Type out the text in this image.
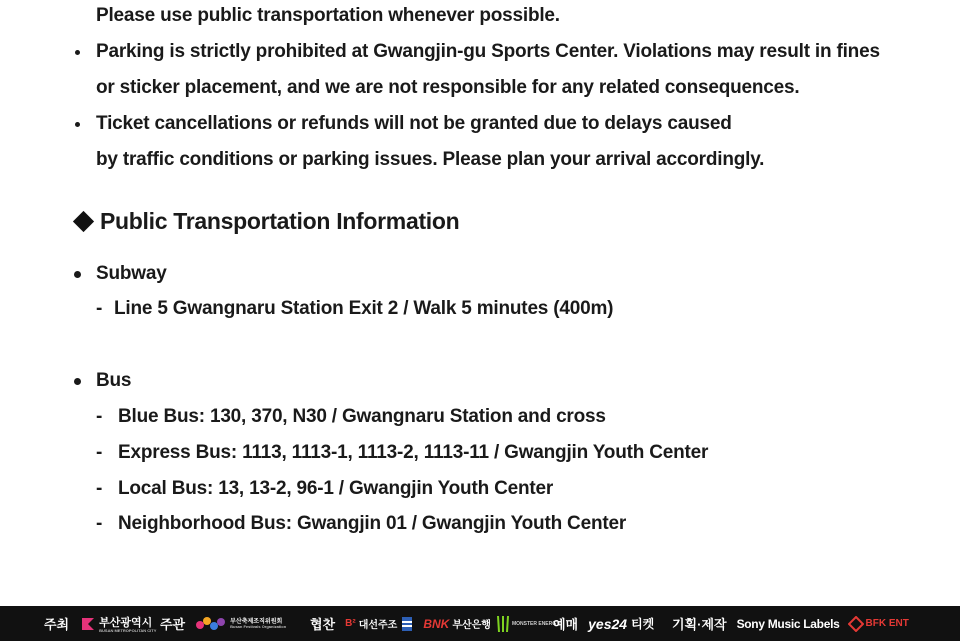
Please use public transportation whenever possible.
Parking is strictly prohibited at Gwangjin-gu Sports Center. Violations may result in fines
or sticker placement, and we are not responsible for any related consequences.
Ticket cancellations or refunds will not be granted due to delays caused
by traffic conditions or parking issues. Please plan your arrival accordingly.
Public Transportation Information
Subway
- Line 5 Gwangnaru Station Exit 2 / Walk 5 minutes (400m)
Bus
- Blue Bus: 130, 370, N30 / Gwangnaru Station and cross
- Express Bus: 1113, 1113-1, 1113-2, 1113-11 / Gwangjin Youth Center
- Local Bus: 13, 13-2, 96-1 / Gwangjin Youth Center
- Neighborhood Bus: Gwangjin 01 / Gwangjin Youth Center
주최	부산광역시
BUSAN METROPOLITAN CITY 주관	부산축제조직위원회
Busan Festivals Organization 협찬 B² 대선주조 BNK 부산은행	MONSTER ENERGY
예매 yes24 티켓 기획·제작 Sony Music Labels	BFK ENT
